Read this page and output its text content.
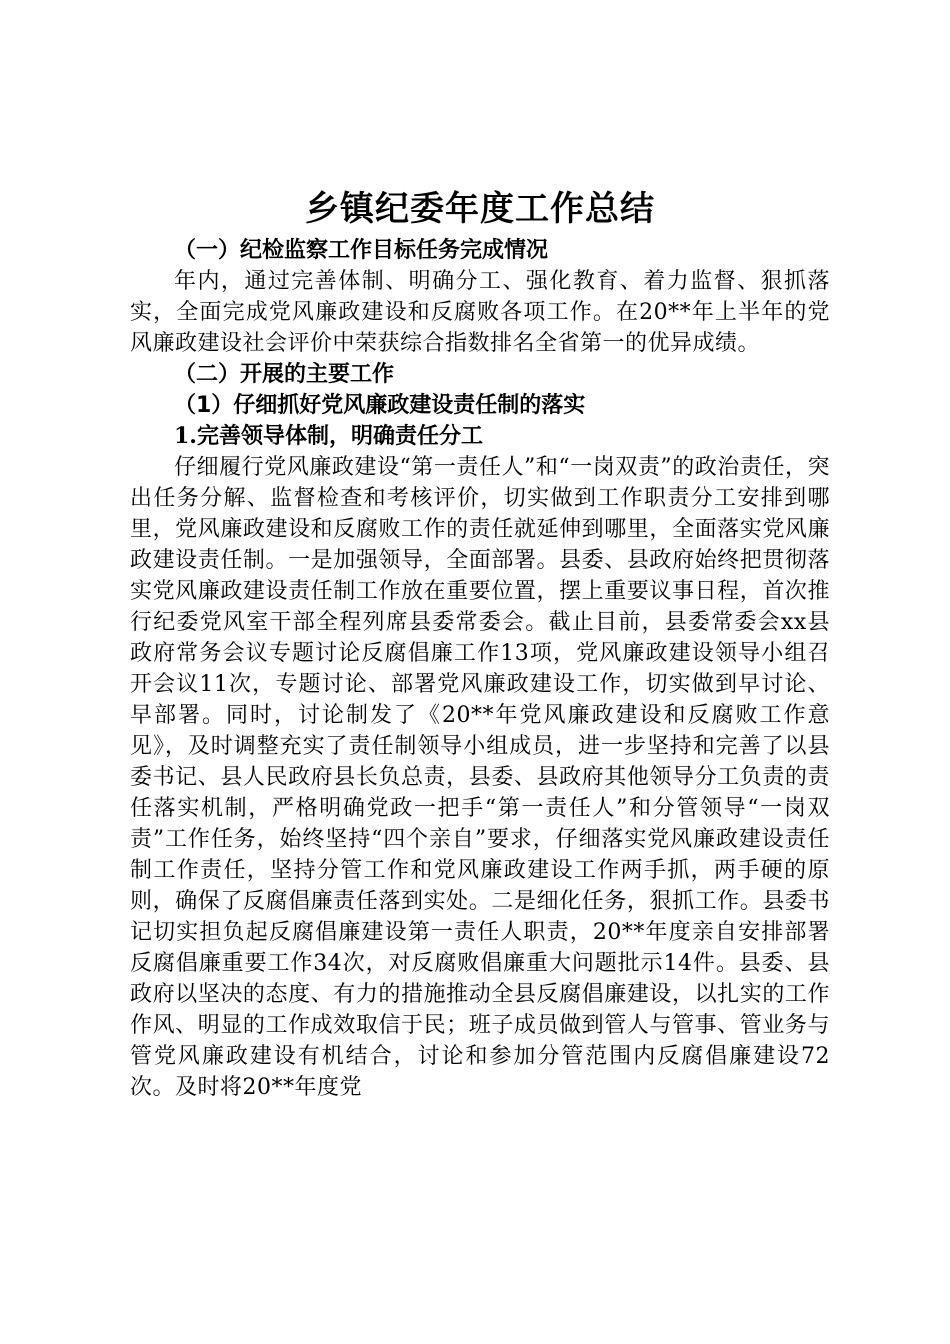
乡镇纪委年度工作总结
（一）纪检监察工作目标任务完成情况

年内，通过完善体制、明确分工、强化教育、着力监督、狠抓落实，全面完成党风廉政建设和反腐败各项工作。在20**年上半年的党风廉政建设社会评价中荣获综合指数排名全省第一的优异成绩。

（二）开展的主要工作
（1）仔细抓好党风廉政建设责任制的落实
1.完善领导体制，明确责任分工

仔细履行党风廉政建设“第一责任人”和“一岗双责”的政治责任，突出任务分解、监督检查和考核评价，切实做到工作职责分工安排到哪里，党风廉政建设和反腐败工作的责任就延伸到哪里，全面落实党风廉政建设责任制。一是加强领导，全面部署。县委、县政府始终把贯彻落实党风廉政建设责任制工作放在重要位置，摆上重要议事日程，首次推行纪委党风室干部全程列席县委常委会。截止目前，县委常委会xx县政府常务会议专题讨论反腐倡廉工作13项，党风廉政建设领导小组召开会议11次，专题讨论、部署党风廉政建设工作，切实做到早讨论、早部署。同时，讨论制发了《20**年党风廉政建设和反腐败工作意见》，及时调整充实了责任制领导小组成员，进一步坚持和完善了以县委书记、县人民政府县长负总责，县委、县政府其他领导分工负责的责任落实机制，严格明确党政一把手“第一责任人”和分管领导“一岗双责”工作任务，始终坚持“四个亲自”要求，仔细落实党风廉政建设责任制工作责任，坚持分管工作和党风廉政建设工作两手抓，两手硬的原则，确保了反腐倡廉责任落到实处。二是细化任务，狠抓工作。县委书记切实担负起反腐倡廉建设第一责任人职责，20**年度亲自安排部署反腐倡廉重要工作34次，对反腐败倡廉重大问题批示14件。县委、县政府以坚决的态度、有力的措施推动全县反腐倡廉建设，以扎实的工作作风、明显的工作成效取信于民；班子成员做到管人与管事、管业务与管党风廉政建设有机结合，讨论和参加分管范围内反腐倡廉建设72次。及时将20**年度党
